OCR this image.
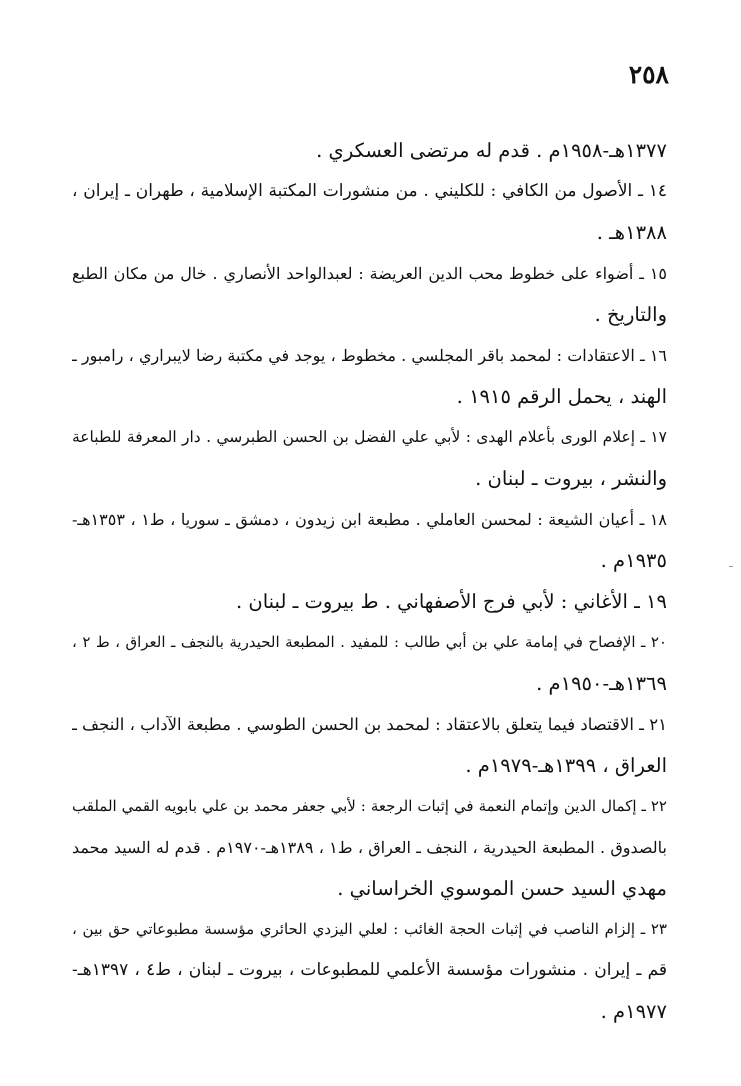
٢٥٨
١٣٧٧هـ-١٩٥٨م . قدم له مرتضى العسكري .
١٤ ـ الأصول من الكافي : للكليني . من منشورات المكتبة الإسلامية ، طهران ـ إيران ،
١٣٨٨هـ .
١٥ ـ أضواء على خطوط محب الدين العريضة : لعبدالواحد الأنصاري . خال من مكان الطبع
والتاريخ .
١٦ ـ الاعتقادات : لمحمد باقر المجلسي . مخطوط ، يوجد في مكتبة رضا لايبراري ، رامبور ـ
الهند ، يحمل الرقم ١٩١٥ .
١٧ ـ إعلام الورى بأعلام الهدى : لأبي علي الفضل بن الحسن الطبرسي . دار المعرفة للطباعة
والنشر ، بيروت ـ لبنان .
١٨ ـ أعيان الشيعة : لمحسن العاملي . مطبعة ابن زيدون ، دمشق ـ سوريا ، ط١ ، ١٣٥٣هـ-
١٩٣٥م .
١٩ ـ الأغاني : لأبي فرج الأصفهاني . ط بيروت ـ لبنان .
٢٠ ـ الإفصاح في إمامة علي بن أبي طالب : للمفيد . المطبعة الحيدرية بالنجف ـ العراق ، ط ٢ ،
١٣٦٩هـ-١٩٥٠م .
٢١ ـ الاقتصاد فيما يتعلق بالاعتقاد : لمحمد بن الحسن الطوسي . مطبعة الآداب ، النجف ـ
العراق ، ١٣٩٩هـ-١٩٧٩م .
٢٢ ـ إكمال الدين وإتمام النعمة في إثبات الرجعة : لأبي جعفر محمد بن علي بابويه القمي الملقب
بالصدوق . المطبعة الحيدرية ، النجف ـ العراق ، ط١ ، ١٣٨٩هـ-١٩٧٠م . قدم له السيد محمد
مهدي السيد حسن الموسوي الخراساني .
٢٣ ـ إلزام الناصب في إثبات الحجة الغائب : لعلي اليزدي الحائري مؤسسة مطبوعاتي حق بين ،
قم ـ إيران . منشورات مؤسسة الأعلمي للمطبوعات ، بيروت ـ لبنان ، ط٤ ، ١٣٩٧هـ-
١٩٧٧م .
